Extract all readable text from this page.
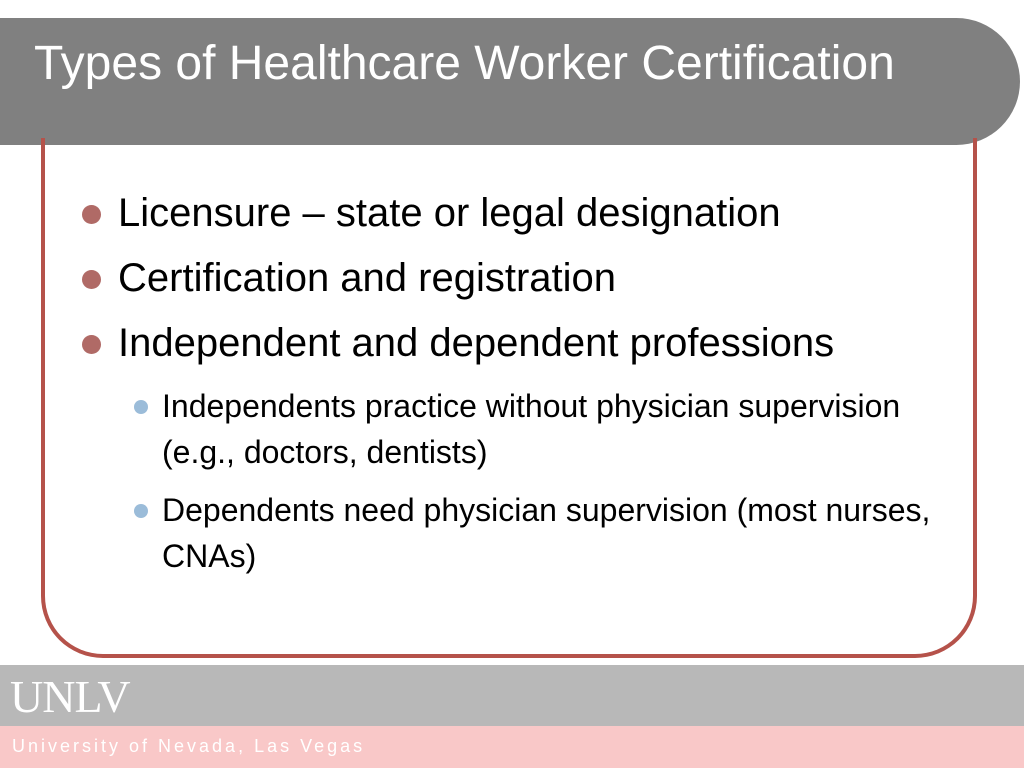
Types of Healthcare Worker Certification
Licensure – state or legal designation
Certification and registration
Independent and dependent professions
Independents practice without physician supervision (e.g., doctors, dentists)
Dependents need physician supervision (most nurses, CNAs)
UNLV
University of Nevada, Las Vegas
